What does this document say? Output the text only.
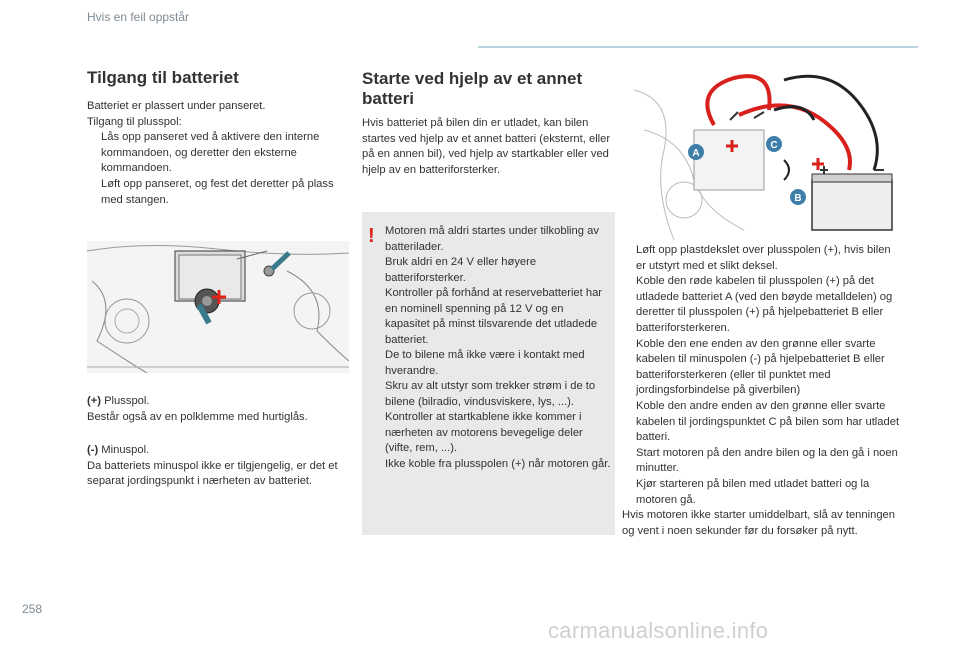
Hvis en feil oppstår
Tilgang til batteriet

Batteriet er plassert under panseret.

Tilgang til plusspol:

Lås opp panseret ved å aktivere den interne kommandoen, og deretter den eksterne kommandoen.
Løft opp panseret, og fest det deretter på plass med stangen.

(+) Plusspol.

Består også av en polklemme med hurtiglås.

(-) Minuspol.

Da batteriets minuspol ikke er tilgjengelig, er det et separat jordingspunkt i nærheten av batteriet.

Starte ved hjelp av et annet
batteri
Hvis batteriet på bilen din er utladet, kan bilen startes ved hjelp av et annet batteri (eksternt, eller på en annen bil), ved hjelp av startkabler eller ved hjelp av en batteriforsterker.
! Motoren må aldri startes under tilkobling av batterilader.

Bruk aldri en 24 V eller høyere batteriforsterker.

Kontroller på forhånd at reservebatteriet har en nominell spenning på 12 V og en kapasitet på minst tilsvarende det utladede batteriet.

De to bilene må ikke være i kontakt med hverandre.

Skru av alt utstyr som trekker strøm i de to bilene (bilradio, vindusviskere, lys, ...).

Kontroller at startkablene ikke kommer i nærheten av motorens bevegelige deler (vifte, rem, ...).

Ikke koble fra plusspolen (+) når motoren går.

A
C
B
Løft opp plastdekslet over plusspolen (+), hvis bilen er utstyrt med et slikt deksel.
Koble den røde kabelen til plusspolen (+) på det utladede batteriet A (ved den bøyde metalldelen) og deretter til plusspolen (+) på hjelpebatteriet B eller batteriforsterkeren.
Koble den ene enden av den grønne eller svarte kabelen til minuspolen (-) på hjelpebatteriet B eller batteriforsterkeren (eller til punktet med jordingsforbindelse på giverbilen)
Koble den andre enden av den grønne eller svarte kabelen til jordingspunktet C på bilen som har utladet batteri.
Start motoren på den andre bilen og la den gå i noen minutter.
Kjør starteren på bilen med utladet batteri og la motoren gå.

Hvis motoren ikke starter umiddelbart, slå av tenningen og vent i noen sekunder før du forsøker på nytt.

258
carmanualsonline.info
